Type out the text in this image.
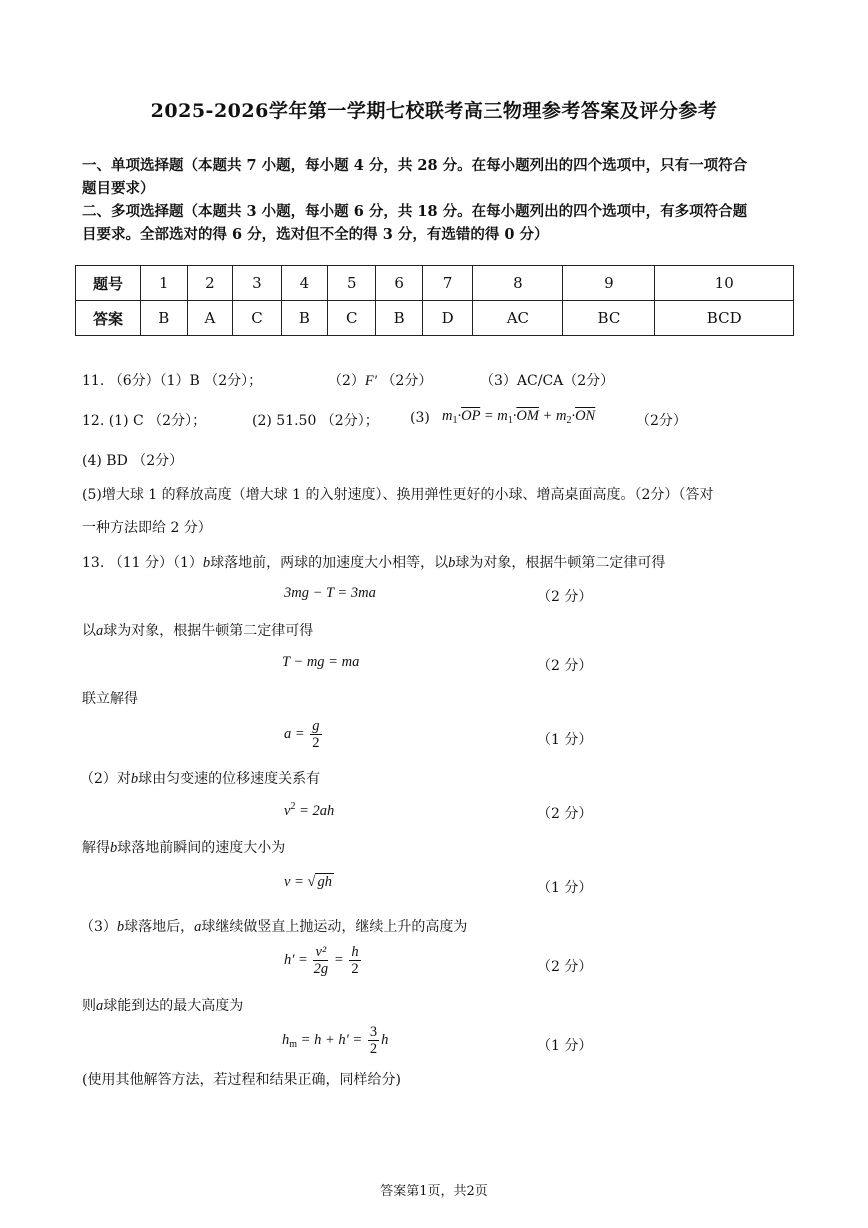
2025-2026学年第一学期七校联考高三物理参考答案及评分参考
一、单项选择题（本题共 7 小题，每小题 4 分，共 28 分。在每小题列出的四个选项中，只有一项符合
题目要求）
二、多项选择题（本题共 3 小题，每小题 6 分，共 18 分。在每小题列出的四个选项中，有多项符合题
目要求。全部选对的得 6 分，选对但不全的得 3 分，有选错的得 0 分）
题号	1	2	3	4	5	6	7	8	9	10
答案	B	A	C	B	C	B	D	AC	BC	BCD
11. （6分）（1）B （2分）；	（2）F′ （2分）	（3）AC/CA（2分）
12. (1) C （2分）；	(2) 51.50 （2分）； (3) $m_1\cdot\overline{OP} = m_1\cdot\overline{OM} + m_2\cdot\overline{ON}$	（2分）
(4) BD （2分）
(5)增大球 1 的释放高度（增大球 1 的入射速度）、换用弹性更好的小球、增高桌面高度。（2分）（答对
一种方法即给 2 分）
13. （11 分）（1）b球落地前，两球的加速度大小相等，以b球为对象，根据牛顿第二定律可得
3mg − T = 3ma	（2 分）
以a球为对象，根据牛顿第二定律可得
T − mg = ma	（2 分）
联立解得
$a = \frac{g}{2}$	（1 分）
（2）对b球由匀变速的位移速度关系有
$v^2 = 2ah$	（2 分）
解得b球落地前瞬间的速度大小为
v = √ gh	（1 分）
（3）b球落地后，a球继续做竖直上抛运动，继续上升的高度为
$h' = \frac{\text{v²}}{2g} = \frac{h}{2}$	（2 分）
则a球能到达的最大高度为
$h_m = h + h' = \frac{3}{2}$ h	（1 分）
(使用其他解答方法，若过程和结果正确，同样给分)
答案第1页，共2页
